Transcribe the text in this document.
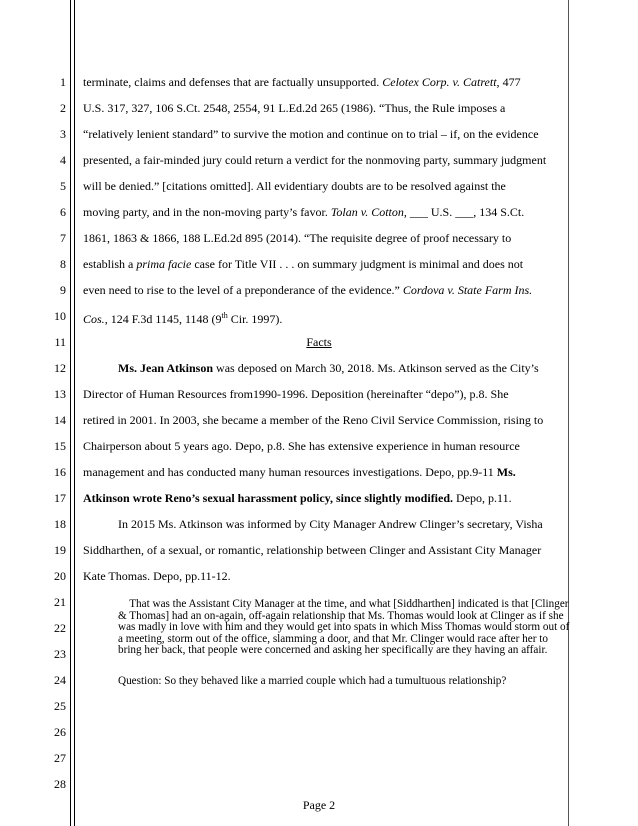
1
2
3
4
5
6
7
8
9
10
11
12
13
14
15
16
17
18
19
20
21
22
23
24
25
26
27
28
terminate, claims and defenses that are factually unsupported. Celotex Corp. v. Catrett, 477
U.S. 317, 327, 106 S.Ct. 2548, 2554, 91 L.Ed.2d 265 (1986). “Thus, the Rule imposes a
“relatively lenient standard” to survive the motion and continue on to trial – if, on the evidence
presented, a fair-minded jury could return a verdict for the nonmoving party, summary judgment
will be denied.” [citations omitted]. All evidentiary doubts are to be resolved against the
moving party, and in the non-moving party’s favor. Tolan v. Cotton, ___ U.S. ___, 134 S.Ct.
1861, 1863 & 1866, 188 L.Ed.2d 895 (2014). “The requisite degree of proof necessary to
establish a prima facie case for Title VII . . . on summary judgment is minimal and does not
even need to rise to the level of a preponderance of the evidence.” Cordova v. State Farm Ins.
Cos., 124 F.3d 1145, 1148 (9th Cir. 1997).
Facts
Ms. Jean Atkinson was deposed on March 30, 2018. Ms. Atkinson served as the City’s
Director of Human Resources from1990-1996. Deposition (hereinafter “depo”), p.8. She
retired in 2001. In 2003, she became a member of the Reno Civil Service Commission, rising to
Chairperson about 5 years ago. Depo, p.8. She has extensive experience in human resource
management and has conducted many human resources investigations. Depo, pp.9-11 Ms.
Atkinson wrote Reno’s sexual harassment policy, since slightly modified. Depo, p.11.
In 2015 Ms. Atkinson was informed by City Manager Andrew Clinger’s secretary, Visha
Siddharthen, of a sexual, or romantic, relationship between Clinger and Assistant City Manager
Kate Thomas. Depo, pp.11-12.
That was the Assistant City Manager at the time, and what [Siddharthen] indicated is that [Clinger & Thomas] had an on-again, off-again relationship that Ms. Thomas would look at Clinger as if she was madly in love with him and they would get into spats in which Miss Thomas would storm out of a meeting, storm out of the office, slamming a door, and that Mr. Clinger would race after her to bring her back, that people were concerned and asking her specifically are they having an affair.
Question: So they behaved like a married couple which had a tumultuous relationship?
Page 2
